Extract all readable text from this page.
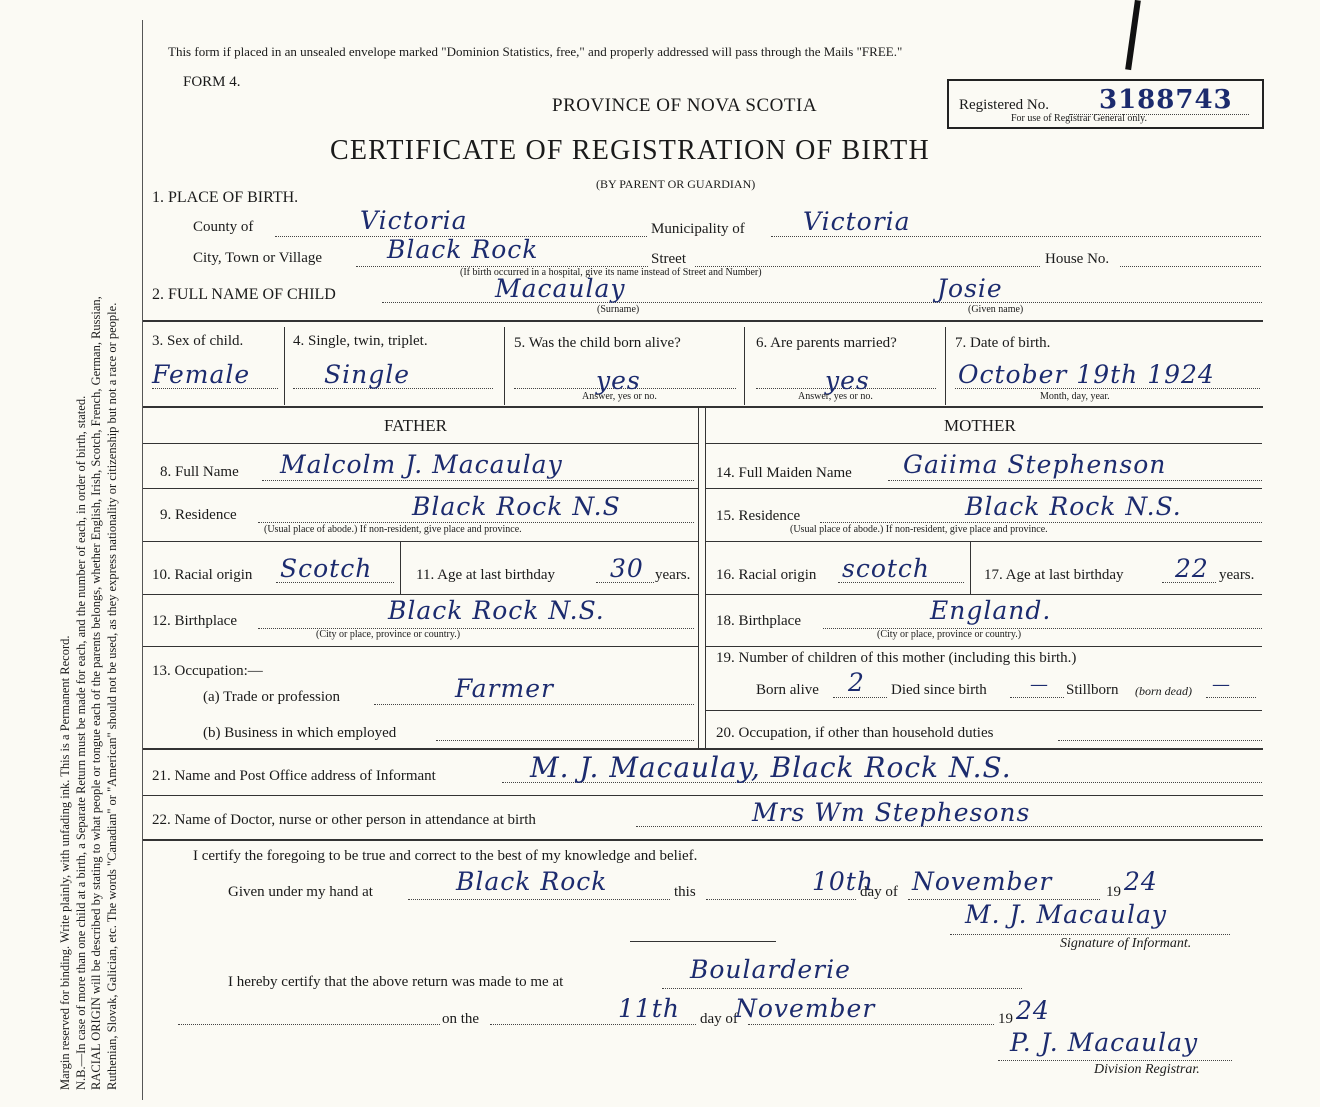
Margin reserved for binding. Write plainly, with unfading ink. This is a Permanent Record. N.B.—In case of more than one child at a birth, a Separate Return must be made for each, and the number of each, in order of birth, stated. RACIAL ORIGIN will be described by stating to what people or tongue each of the parents belongs, whether English, Irish, Scotch, French, German, Russian, Ruthenian, Slovak, Galician, etc. The words "Canadian" or "American" should not be used, as they express nationality or citizenship but not a race or people.
This form if placed in an unsealed envelope marked "Dominion Statistics, free," and properly addressed will pass through the Mails "FREE."
FORM 4.
PROVINCE OF NOVA SCOTIA	Registered No. 3188743
For use of Registrar General only.
CERTIFICATE OF REGISTRATION OF BIRTH
(BY PARENT OR GUARDIAN)
1. PLACE OF BIRTH.
County of	Victoria	Municipality of Victoria
City, Town or Village	Black Rock	Street	House No.
(If birth occurred in a hospital, give its name instead of Street and Number)
2. FULL NAME OF CHILD	Macaulay
(Surname)
Josie
(Given name)
3. Sex of child.
Female
4. Single, twin, triplet.
Single
5. Was the child born alive?
yes
Answer, yes or no.
6. Are parents married?
yes
Answer, yes or no.
7. Date of birth.
October 19th 1924
Month, day, year.
FATHER	MOTHER
8. Full Name Malcolm J. Macaulay
9. Residence	Black Rock N.S
(Usual place of abode.) If non-resident, give place and province.
10. Racial origin Scotch	11. Age at last birthday 30 years.
12. Birthplace	Black Rock N.S.
(City or place, province or country.)
13. Occupation:—
(a) Trade or profession	Farmer
(b) Business in which employed
14. Full Maiden Name Gaiima Stephenson
15. Residence	Black Rock N.S.
(Usual place of abode.) If non-resident, give place and province.
16. Racial origin scotch	17. Age at last birthday 22 years.
18. Birthplace	England.
(City or place, province or country.)
19. Number of children of this mother (including this birth.)
Born alive 2 Died since birth — Stillborn (born dead) —
20. Occupation, if other than household duties
21. Name and Post Office address of Informant	M. J. Macaulay, Black Rock N.S.
22. Name of Doctor, nurse or other person in attendance at birth	Mrs Wm Stephesons
I certify the foregoing to be true and correct to the best of my knowledge and belief.
Given under my hand at	Black Rock	this	10th
day of November	19 24
M. J. Macaulay
Signature of Informant.
I hereby certify that the above return was made to me at	Boularderie
on the	11th day of
November	19 24
P. J. Macaulay
Division Registrar.
